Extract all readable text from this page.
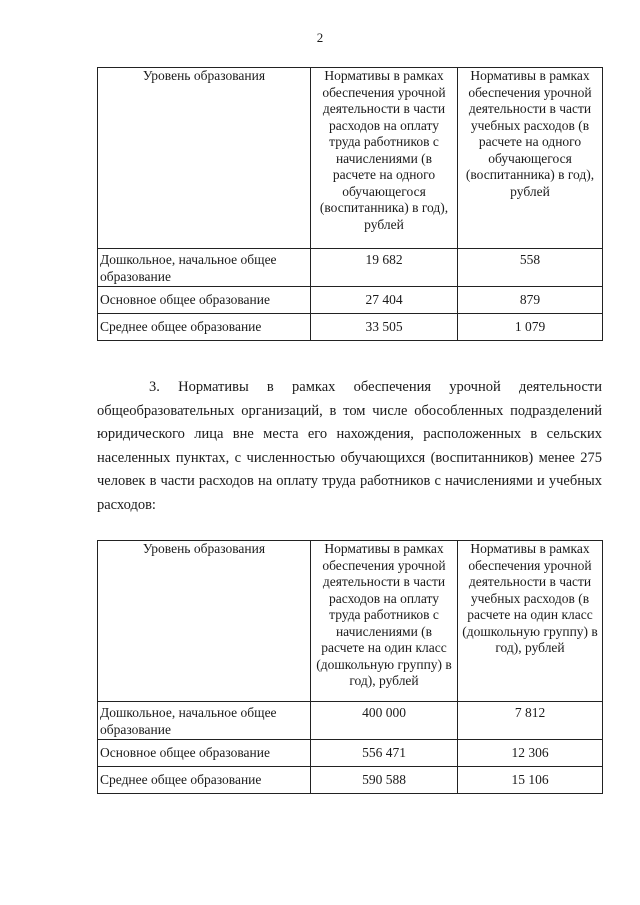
2
Уровень образования	Нормативы в рамках обеспечения урочной деятельности в части расходов на оплату труда работников с начислениями (в расчете на одного обучающегося (воспитанника) в год), рублей	Нормативы в рамках обеспечения урочной деятельности в части учебных расходов (в расчете на одного обучающегося (воспитанника) в год), рублей
Дошкольное, начальное общее образование	19 682	558
Основное общее образование	27 404	879
Среднее общее образование	33 505	1 079
3. Нормативы в рамках обеспечения урочной деятельности общеобразовательных организаций, в том числе обособленных подразделений юридического лица вне места его нахождения, расположенных в сельских населенных пунктах, с численностью обучающихся (воспитанников) менее 275 человек в части расходов на оплату труда работников с начислениями и учебных расходов:
Уровень образования	Нормативы в рамках обеспечения урочной деятельности в части расходов на оплату труда работников с начислениями (в расчете на один класс (дошкольную группу) в год), рублей	Нормативы в рамках обеспечения урочной деятельности в части учебных расходов (в расчете на один класс (дошкольную группу) в год), рублей
Дошкольное, начальное общее образование	400 000	7 812
Основное общее образование	556 471	12 306
Среднее общее образование	590 588	15 106
